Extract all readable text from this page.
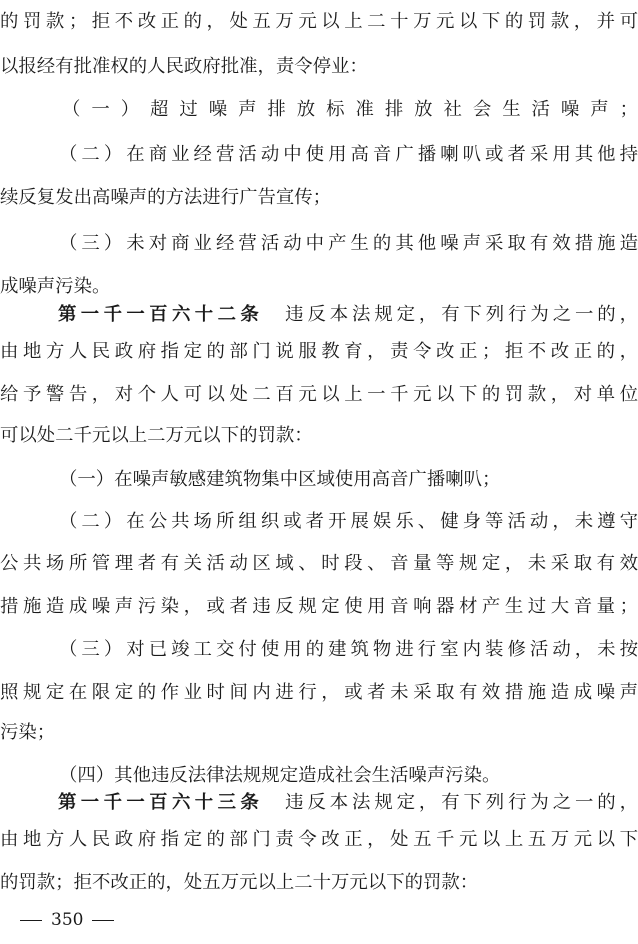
的罚款；拒不改正的，处五万元以上二十万元以下的罚款，并可
以报经有批准权的人民政府批准，责令停业：
（一）超过噪声排放标准排放社会生活噪声；
（二）在商业经营活动中使用高音广播喇叭或者采用其他持
续反复发出高噪声的方法进行广告宣传；
（三）未对商业经营活动中产生的其他噪声采取有效措施造
成噪声污染。
第一千一百六十二条 违反本法规定，有下列行为之一的，
由地方人民政府指定的部门说服教育，责令改正；拒不改正的，
给予警告，对个人可以处二百元以上一千元以下的罚款，对单位
可以处二千元以上二万元以下的罚款：
（一）在噪声敏感建筑物集中区域使用高音广播喇叭；
（二）在公共场所组织或者开展娱乐、健身等活动，未遵守
公共场所管理者有关活动区域、时段、音量等规定，未采取有效
措施造成噪声污染，或者违反规定使用音响器材产生过大音量；
（三）对已竣工交付使用的建筑物进行室内装修活动，未按
照规定在限定的作业时间内进行，或者未采取有效措施造成噪声
污染；
（四）其他违反法律法规规定造成社会生活噪声污染。
第一千一百六十三条 违反本法规定，有下列行为之一的，
由地方人民政府指定的部门责令改正，处五千元以上五万元以下
的罚款；拒不改正的，处五万元以上二十万元以下的罚款：
350
